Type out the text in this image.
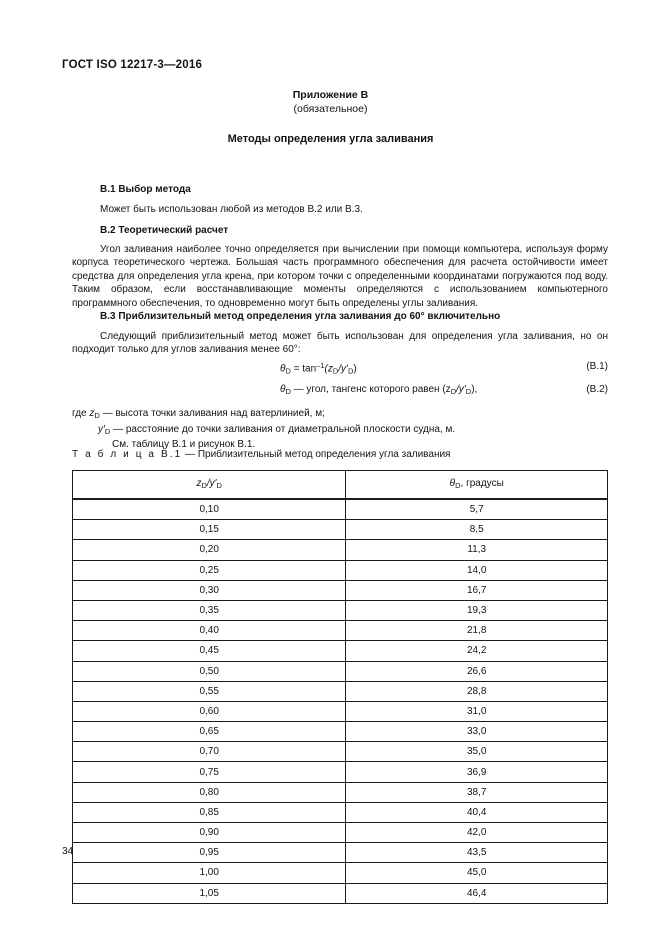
ГОСТ ISO 12217-3—2016
Приложение В
(обязательное)
Методы определения угла заливания
В.1 Выбор метода
Может быть использован любой из методов В.2 или В.3.
В.2 Теоретический расчет
Угол заливания наиболее точно определяется при вычислении при помощи компьютера, используя форму корпуса теоретического чертежа. Большая часть программного обеспечения для расчета остойчивости имеет средства для определения угла крена, при котором точки с определенными координатами погружаются под воду. Таким образом, если восстанавливающие моменты определяются с использованием компьютерного программного обеспечения, то одновременно могут быть определены углы заливания.
В.3 Приблизительный метод определения угла заливания до 60° включительно
Следующий приблизительный метод может быть использован для определения угла заливания, но он подходит только для углов заливания менее 60°:
$\theta_D = \tan^{-1}(z_D/y'_D)$	(B.1)
$\theta_D$ — угол, тангенс которого равен $(z_D/y'_D)$,	(B.2)
где $z_D$ — высота точки заливания над ватерлинией, м;
$y'_D$ — расстояние до точки заливания от диаметральной плоскости судна, м.
См. таблицу В.1 и рисунок В.1.
Т а б л и ц а В.1 — Приблизительный метод определения угла заливания
$z_D/y'_D$	$\theta_D$, градусы
0,10	5,7
0,15	8,5
0,20	11,3
0,25	14,0
0,30	16,7
0,35	19,3
0,40	21,8
0,45	24,2
0,50	26,6
0,55	28,8
0,60	31,0
0,65	33,0
0,70	35,0
0,75	36,9
0,80	38,7
0,85	40,4
0,90	42,0
0,95	43,5
1,00	45,0
1,05	46,4
34
